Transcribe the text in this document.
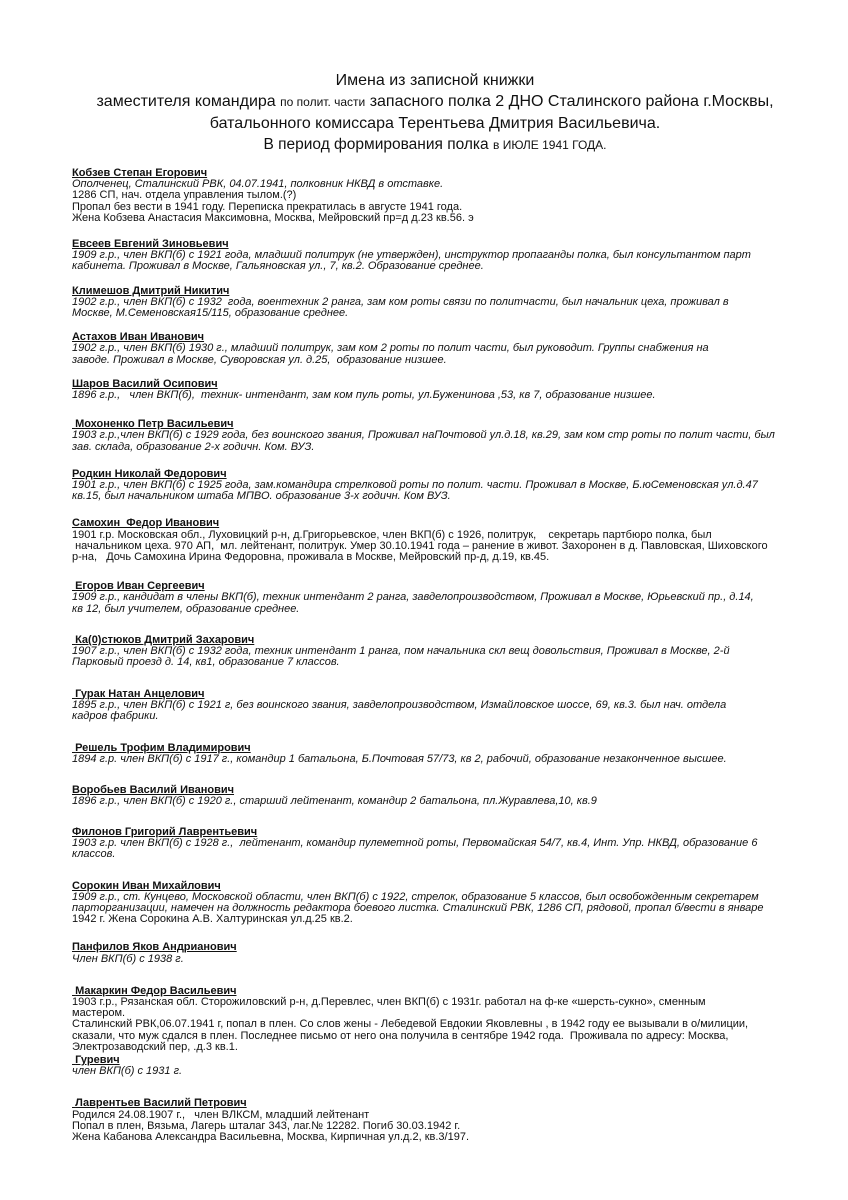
Имена из записной книжки
заместителя командира по полит. части запасного полка 2 ДНО Сталинского района г.Москвы,
батальонного комиссара Терентьева Дмитрия Васильевича.
В период формирования полка в ИЮЛЕ 1941 ГОДА.
Кобзев Степан Егорович
Ополченец, Сталинский РВК, 04.07.1941, полковник НКВД в отставке.
1286 СП, нач. отдела управления тылом.(?)
Пропал без вести в 1941 году. Переписка прекратилась в августе 1941 года.
Жена Кобзева Анастасия Максимовна, Москва, Мейровский пр=д д.23 кв.56. э
Евсеев Евгений Зиновьевич
1909 г.р., член ВКП(б) с 1921 года, младший политрук (не утвержден), инструктор пропаганды полка, был консультантом парт
кабинета. Проживал в Москве, Гальяновская ул., 7, кв.2. Образование среднее.
Климешов Дмитрий Никитич
1902 г.р., член ВКП(б) с 1932  года, воентехник 2 ранга, зам ком роты связи по политчасти, был начальник цеха, проживал в
Москве, М.Семеновская15/115, образование среднее.
Астахов Иван Иванович
1902 г.р., член ВКП(б) 1930 г., младший политрук, зам ком 2 роты по полит части, был руководит. Группы снабжения на
заводе. Проживал в Москве, Суворовская ул. д.25,  образование низшее.
Шаров Василий Осипович
1896 г.р.,   член ВКП(б),  техник- интендант, зам ком пуль роты, ул.Буженинова ,53, кв 7, образование низшее.
Мохоненко Петр Васильевич
1903 г.р.,член ВКП(б) с 1929 года, без воинского звания, Проживал наПочтовой ул.д.18, кв.29, зам ком стр роты по полит части, был
зав. склада, образование 2-х годичн. Ком. ВУЗ.
Родкин Николай Федорович
1901 г.р., член ВКП(б) с 1925 года, зам.командира стрелковой роты по полит. части. Проживал в Москве, Б.юСеменовская ул.д.47
кв.15, был начальником штаба МПВО. образование 3-х годичн. Ком ВУЗ.
Самохин  Федор Иванович
1901 г.р. Московская обл., Луховицкий р-н, д.Григорьевское, член ВКП(б) с 1926, политрук,    секретарь партбюро полка, был
начальником цеха. 970 АП,  мл. лейтенант, политрук. Умер 30.10.1941 года – ранение в живот. Захоронен в д. Павловская, Шиховского
р-на,   Дочь Самохина Ирина Федоровна, проживала в Москве, Мейровский пр-д, д.19, кв.45.
Егоров Иван Сергеевич
1909 г.р., кандидат в члены ВКП(б), техник интендант 2 ранга, завделопроизводством, Проживал в Москве, Юрьевский пр., д.14,
кв 12, был учителем, образование среднее.
Ка(0)стюков Дмитрий Захарович
1907 г.р., член ВКП(б) с 1932 года, техник интендант 1 ранга, пом начальника скл вещ довольствия, Проживал в Москве, 2-й
Парковый проезд д. 14, кв1, образование 7 классов.
Гурак Натан Анцелович
1895 г.р., член ВКП(б) с 1921 г, без воинского звания, завделопроизводством, Измайловское шоссе, 69, кв.3. был нач. отдела
кадров фабрики.
Решель Трофим Владимирович
1894 г.р. член ВКП(б) с 1917 г., командир 1 батальона, Б.Почтовая 57/73, кв 2, рабочий, образование незаконченное высшее.
Воробьев Василий Иванович
1896 г.р., член ВКП(б) с 1920 г., старший лейтенант, командир 2 батальона, пл.Журавлева,10, кв.9
Филонов Григорий Лаврентьевич
1903 г.р. член ВКП(б) с 1928 г.,  лейтенант, командир пулеметной роты, Первомайская 54/7, кв.4, Инт. Упр. НКВД, образование 6
классов.
Сорокин Иван Михайлович
1909 г.р., ст. Кунцево, Московской области, член ВКП(б) с 1922, стрелок, образование 5 классов, был освобожденным секретарем
парторганизации, намечен на должность редактора боевого листка. Сталинский РВК, 1286 СП, рядовой, пропал б/вести в январе
1942 г. Жена Сорокина А.В. Халтуринская ул.д.25 кв.2.
Панфилов Яков Андрианович
Член ВКП(б) с 1938 г.
Макаркин Федор Васильевич
1903 г.р., Рязанская обл. Сторожиловский р-н, д.Перевлес, член ВКП(б) с 1931г. работал на ф-ке «шерсть-сукно», сменным
мастером.
Сталинский РВК,06.07.1941 г, попал в плен. Со слов жены - Лебедевой Евдокии Яковлевны , в 1942 году ее вызывали в о/милиции,
сказали, что муж сдался в плен. Последнее письмо от него она получила в сентябре 1942 года.  Проживала по адресу: Москва,
Электрозаводский пер, .д.3 кв.1.
Гуревич
член ВКП(б) с 1931 г.
Лаврентьев Василий Петрович
Родился 24.08.1907 г.,   член ВЛКСМ, младший лейтенант
Попал в плен, Вязьма, Лагерь шталаг 343, лаг.№ 12282. Погиб 30.03.1942 г.
Жена Кабанова Александра Васильевна, Москва, Кирпичная ул.д.2, кв.3/197.
